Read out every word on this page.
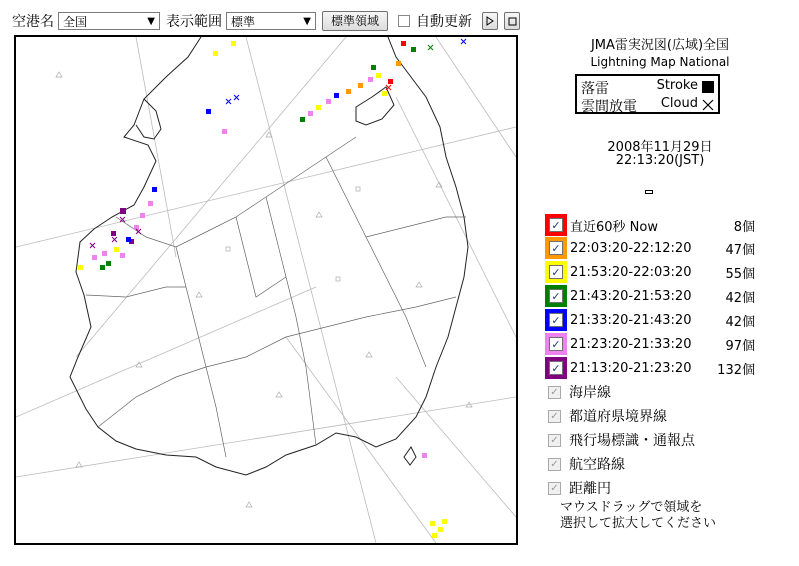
空港名 全国	▼ 表示範囲 標準	▼	標準領域	自動更新
JMA雷実況図(広域)全国
Lightning Map National
落雷	Stroke
雲間放電 Cloud
2008年11月29日
22:13:20(JST)
✓ 直近60秒 Now	8個
✓ 22:03:20-22:12:20	47個
✓ 21:53:20-22:03:20	55個
✓ 21:43:20-21:53:20	42個
✓ 21:33:20-21:43:20	42個
✓ 21:23:20-21:33:20	97個
✓ 21:13:20-21:23:20 132個
✓ 海岸線
✓ 都道府県境界線
✓ 飛行場標識・通報点
✓ 航空路線
✓ 距離円
マウスドラッグで領域を
選択して拡大してください
